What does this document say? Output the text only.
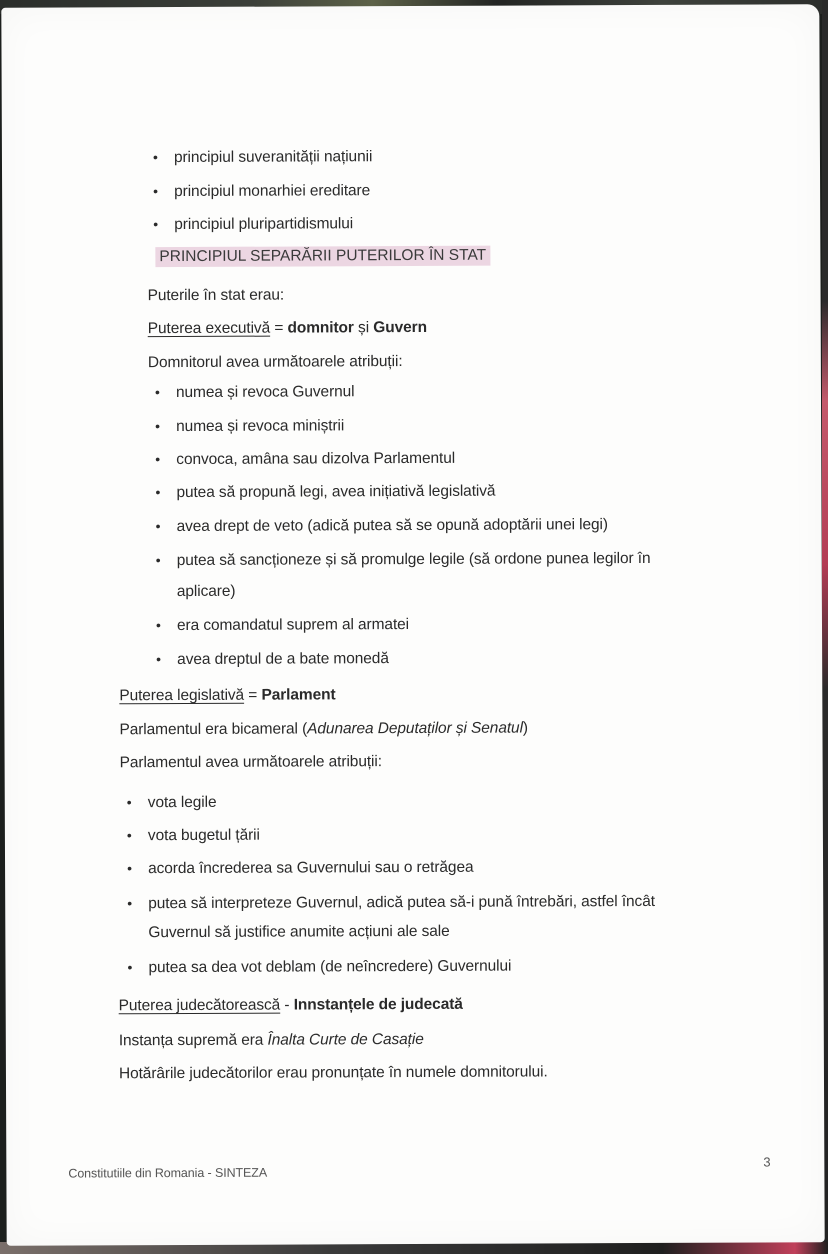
• principiul suveranității națiunii
• principiul monarhiei ereditare
• principiul pluripartidismului
PRINCIPIUL SEPARĂRII PUTERILOR ÎN STAT
Puterile în stat erau:
Puterea executivă = domnitor și Guvern
Domnitorul avea următoarele atribuții:
• numea și revoca Guvernul
• numea și revoca miniștrii
• convoca, amâna sau dizolva Parlamentul
• putea să propună legi, avea inițiativă legislativă
• avea drept de veto (adică putea să se opună adoptării unei legi)
• putea să sancționeze și să promulge legile (să ordone punea legilor în
aplicare)
• era comandatul suprem al armatei
• avea dreptul de a bate monedă
Puterea legislativă = Parlament
Parlamentul era bicameral (Adunarea Deputaților și Senatul)
Parlamentul avea următoarele atribuții:
• vota legile
• vota bugetul țării
• acorda încrederea sa Guvernului sau o retrăgea
• putea să interpreteze Guvernul, adică putea să-i pună întrebări, astfel încât
Guvernul să justifice anumite acțiuni ale sale
• putea sa dea vot deblam (de neîncredere) Guvernului
Puterea judecătorească - Innstanțele de judecată
Instanța supremă era Înalta Curte de Casație
Hotărârile judecătorilor erau pronunțate în numele domnitorului.
Constitutiile din Romania - SINTEZA
3
